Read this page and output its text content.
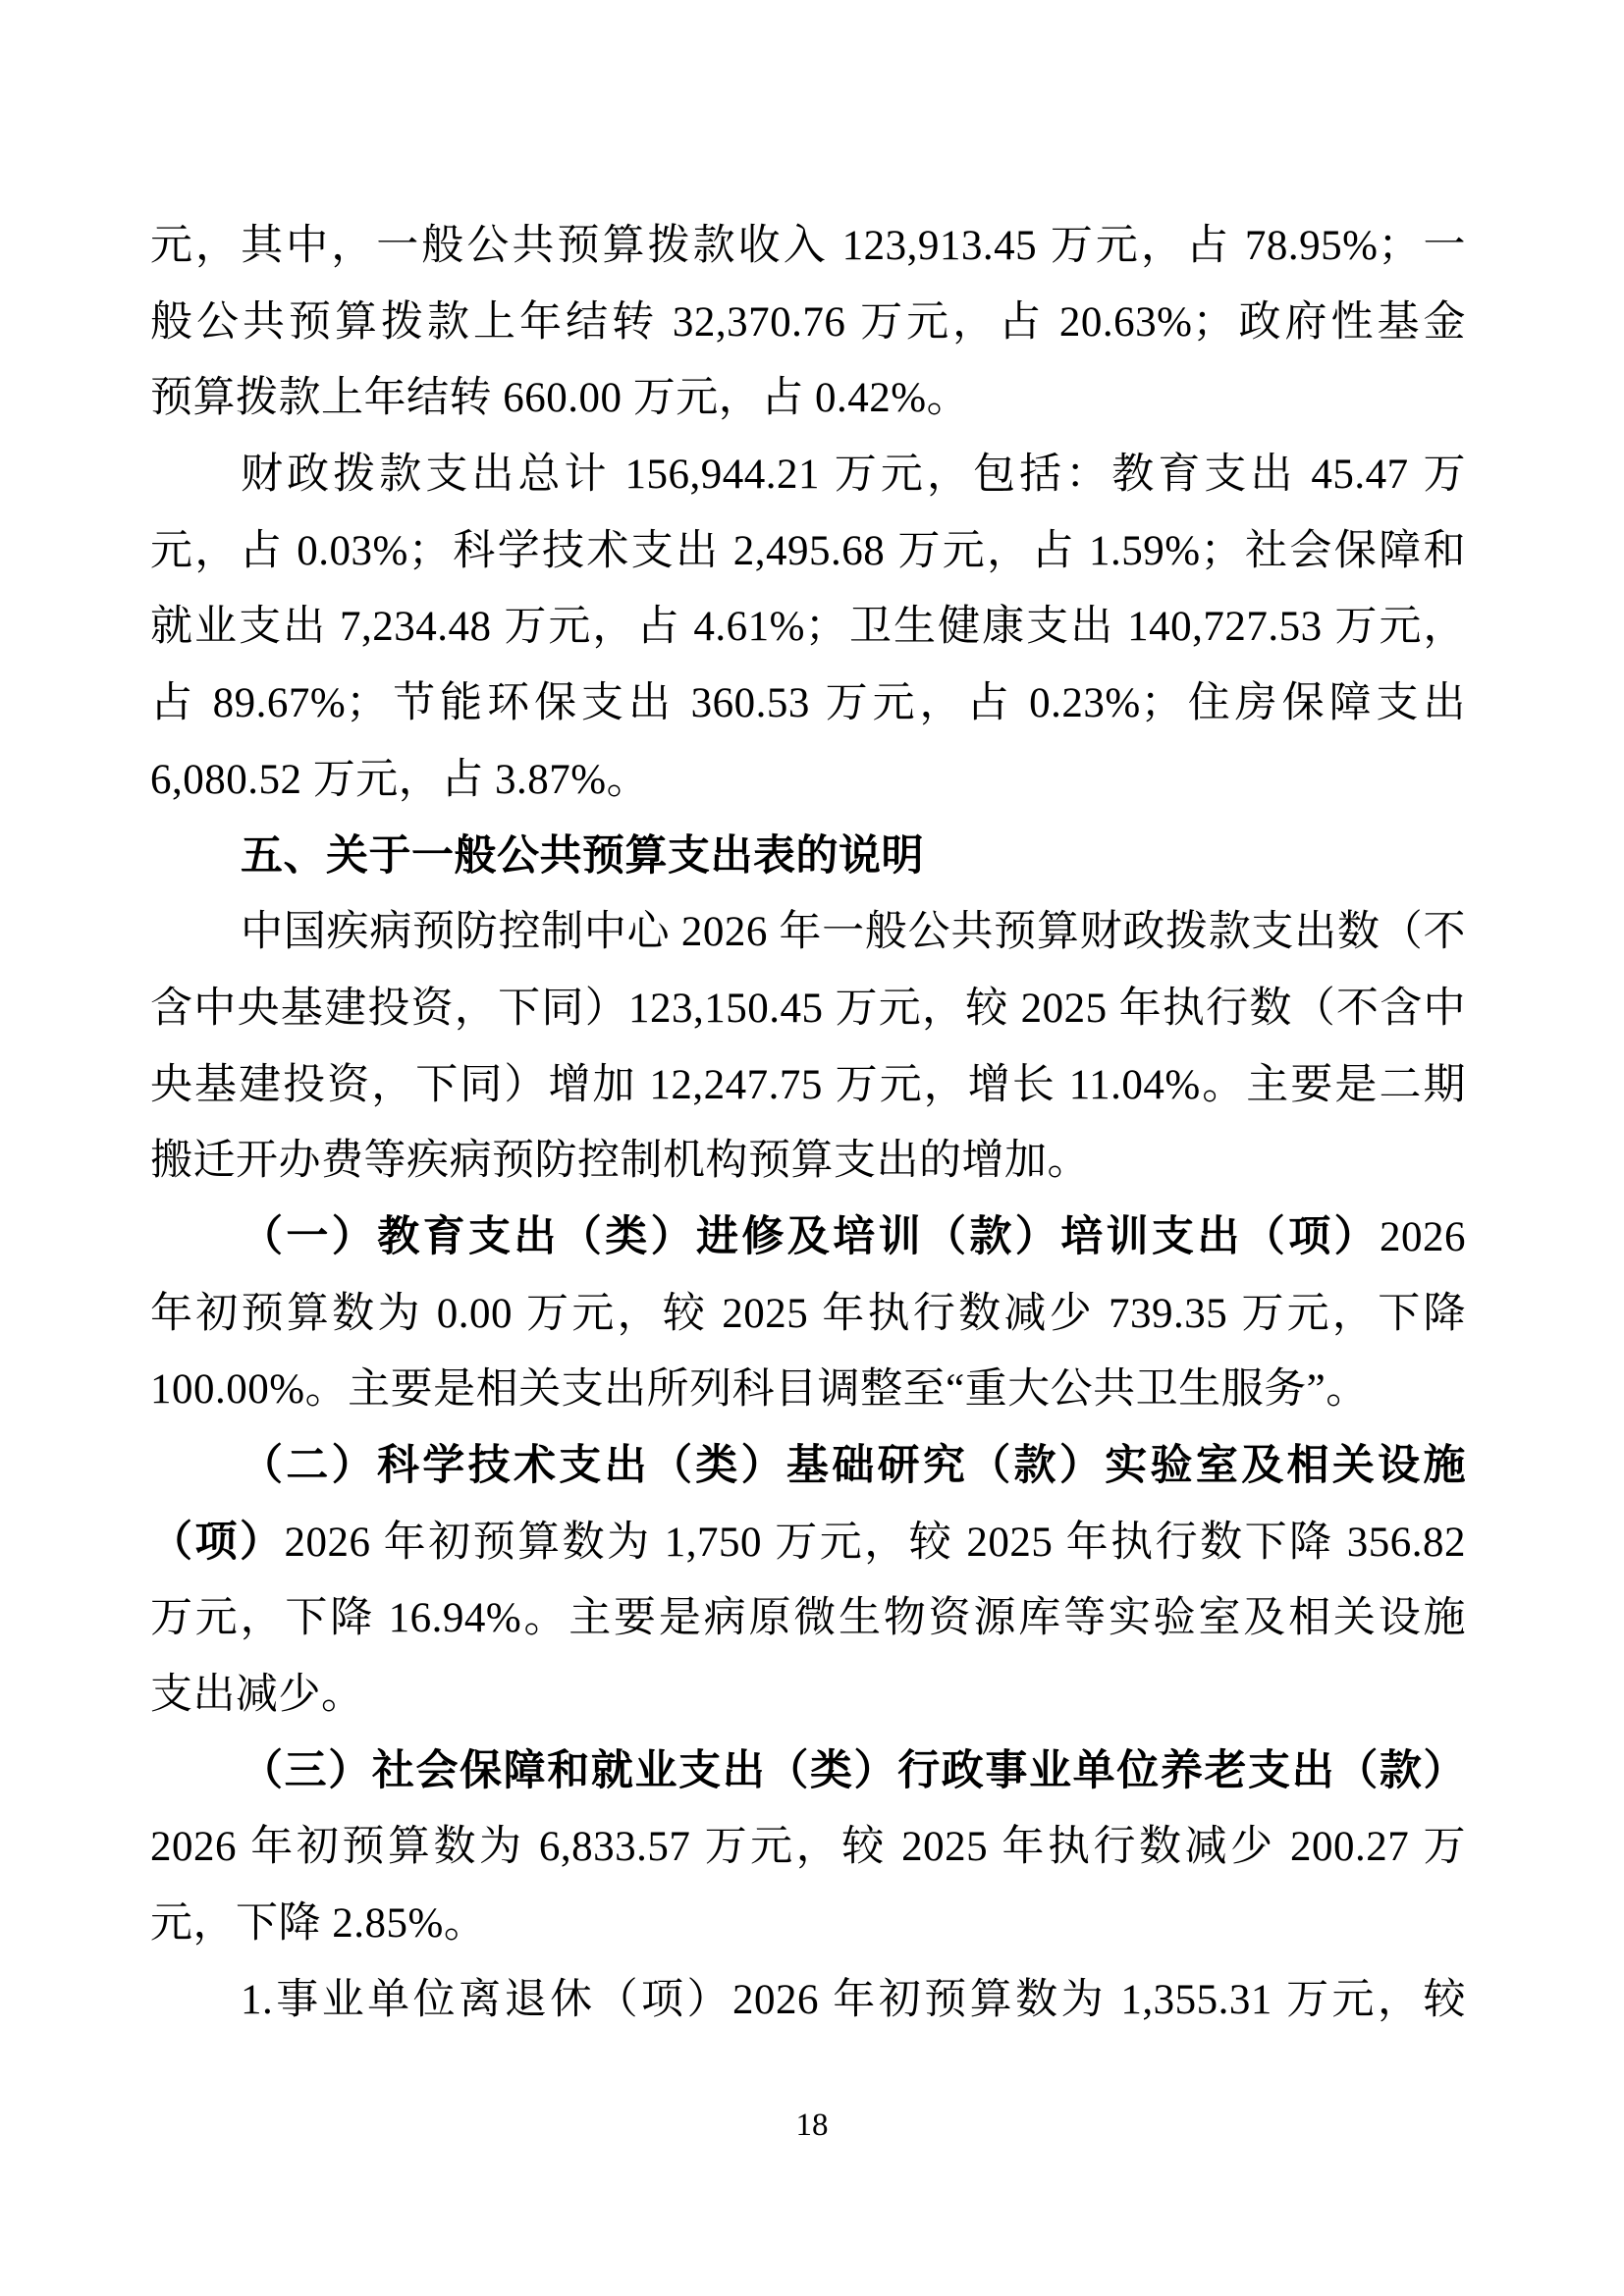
元，其中，一般公共预算拨款收入 123,913.45 万元，占 78.95%；一
般公共预算拨款上年结转 32,370.76 万元，占 20.63%；政府性基金
预算拨款上年结转 660.00 万元，占 0.42%。
财政拨款支出总计 156,944.21 万元，包括：教育支出 45.47 万
元，占 0.03%；科学技术支出 2,495.68 万元，占 1.59%；社会保障和
就业支出 7,234.48 万元，占 4.61%；卫生健康支出 140,727.53 万元，
占 89.67%；节能环保支出 360.53 万元，占 0.23%；住房保障支出
6,080.52 万元，占 3.87%。
五、关于一般公共预算支出表的说明
中国疾病预防控制中心 2026 年一般公共预算财政拨款支出数（不
含中央基建投资，下同）123,150.45 万元，较 2025 年执行数（不含中
央基建投资，下同）增加 12,247.75 万元，增长 11.04%。主要是二期
搬迁开办费等疾病预防控制机构预算支出的增加。
（一）教育支出（类）进修及培训（款）培训支出（项）2026
年初预算数为 0.00 万元，较 2025 年执行数减少 739.35 万元，下降
100.00%。主要是相关支出所列科目调整至“重大公共卫生服务”。
（二）科学技术支出（类）基础研究（款）实验室及相关设施
（项）2026 年初预算数为 1,750 万元，较 2025 年执行数下降 356.82
万元，下降 16.94%。主要是病原微生物资源库等实验室及相关设施
支出减少。
（三）社会保障和就业支出（类）行政事业单位养老支出（款）
2026 年初预算数为 6,833.57 万元，较 2025 年执行数减少 200.27 万
元，下降 2.85%。
1.事业单位离退休（项）2026 年初预算数为 1,355.31 万元，较
18
